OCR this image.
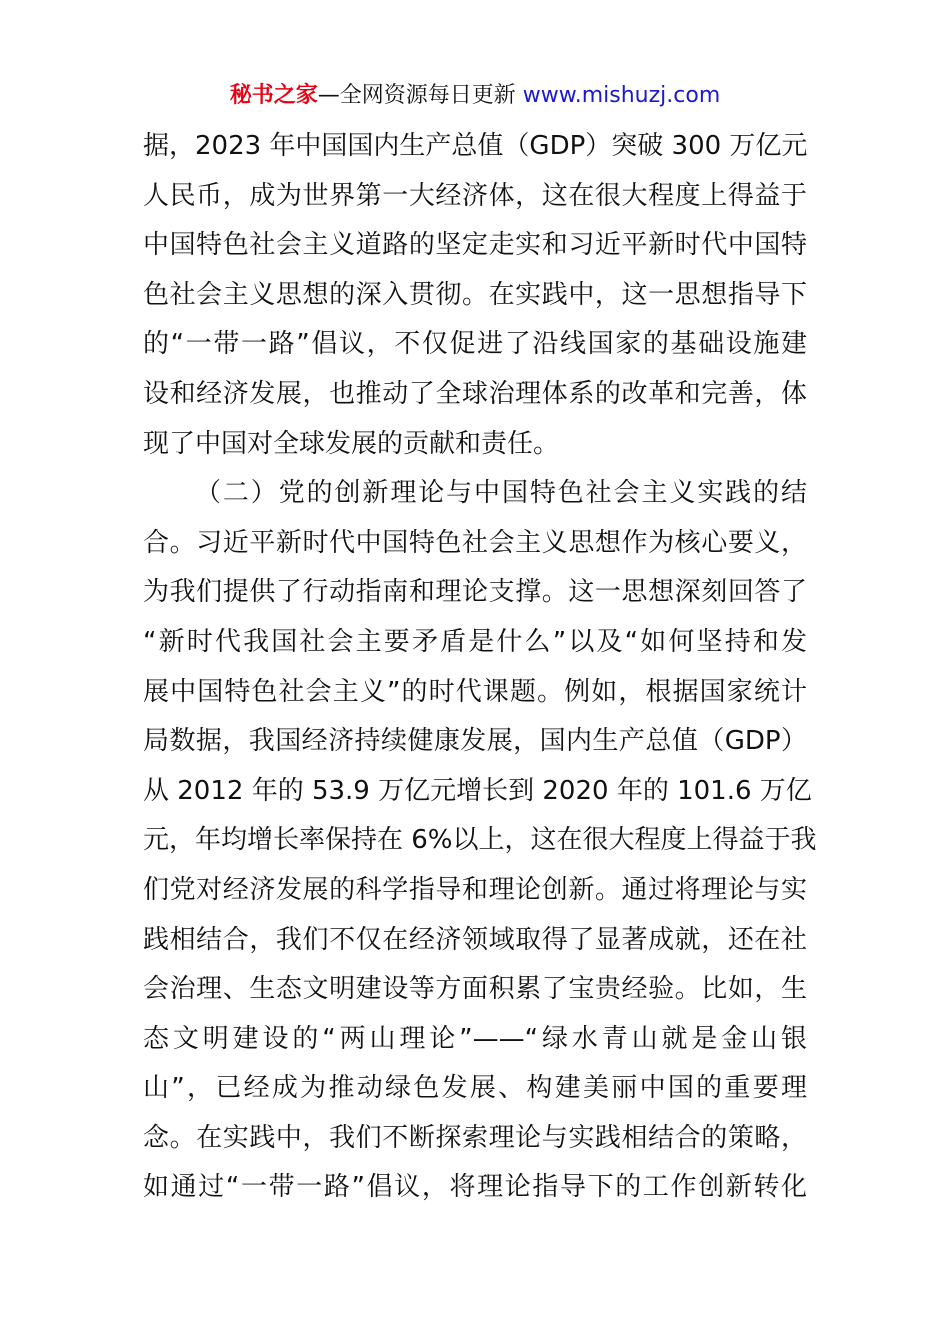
秘书之家—全网资源每日更新 www.mishuzj.com
据，2023 年中国国内生产总值（GDP）突破 300 万亿元
人民币，成为世界第一大经济体，这在很大程度上得益于
中国特色社会主义道路的坚定走实和习近平新时代中国特
色社会主义思想的深入贯彻。在实践中，这一思想指导下
的“一带一路”倡议，不仅促进了沿线国家的基础设施建
设和经济发展，也推动了全球治理体系的改革和完善，体
现了中国对全球发展的贡献和责任。
（二）党的创新理论与中国特色社会主义实践的结
合。习近平新时代中国特色社会主义思想作为核心要义，
为我们提供了行动指南和理论支撑。这一思想深刻回答了
“新时代我国社会主要矛盾是什么”以及“如何坚持和发
展中国特色社会主义”的时代课题。例如，根据国家统计
局数据，我国经济持续健康发展，国内生产总值（GDP）
从 2012 年的 53.9 万亿元增长到 2020 年的 101.6 万亿
元，年均增长率保持在 6%以上，这在很大程度上得益于我
们党对经济发展的科学指导和理论创新。通过将理论与实
践相结合，我们不仅在经济领域取得了显著成就，还在社
会治理、生态文明建设等方面积累了宝贵经验。比如，生
态文明建设的“两山理论”——“绿水青山就是金山银
山”，已经成为推动绿色发展、构建美丽中国的重要理
念。在实践中，我们不断探索理论与实践相结合的策略，
如通过“一带一路”倡议，将理论指导下的工作创新转化
